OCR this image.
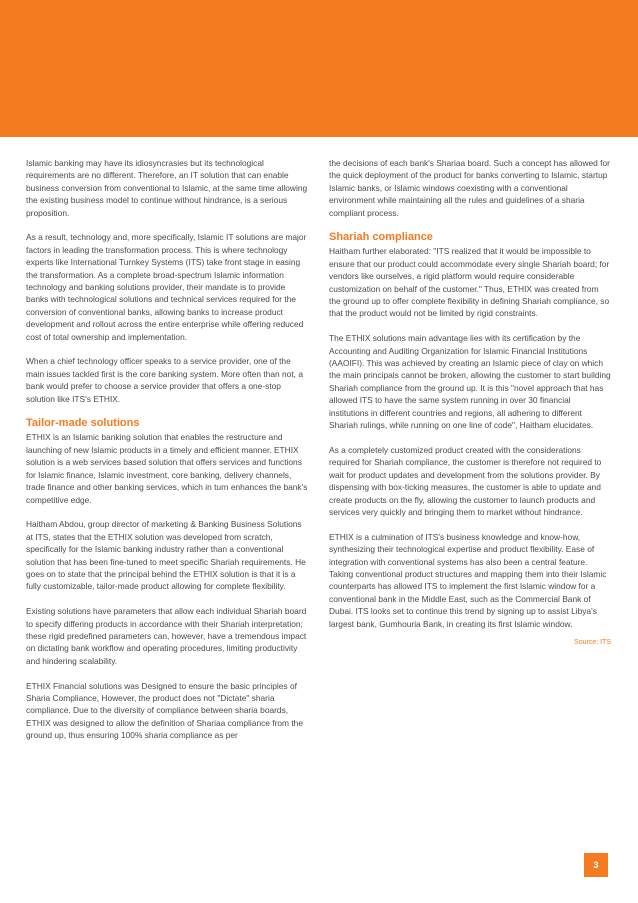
Islamic banking may have its idiosyncrasies but its technological requirements are no different. Therefore, an IT solution that can enable business conversion from conventional to Islamic, at the same time allowing the existing business model to continue without hindrance, is a serious proposition.

As a result, technology and, more specifically, Islamic IT solutions are major factors in leading the transformation process. This is where technology experts like International Turnkey Systems (ITS) take front stage in easing the transformation. As a complete broad-spectrum Islamic information technology and banking solutions provider, their mandate is to provide banks with technological solutions and technical services required for the conversion of conventional banks, allowing banks to increase product development and rollout across the entire enterprise while offering reduced cost of total ownership and implementation.

When a chief technology officer speaks to a service provider, one of the main issues tackled first is the core banking system. More often than not, a bank would prefer to choose a service provider that offers a one-stop solution like ITS's ETHIX.

Tailor-made solutions

ETHIX is an Islamic banking solution that enables the restructure and launching of new Islamic products in a timely and efficient manner. ETHIX solution is a web services based solution that offers services and functions for Islamic finance, Islamic investment, core banking, delivery channels, trade finance and other banking services, which in turn enhances the bank's competitive edge.

Haitham Abdou, group director of marketing & Banking Business Solutions at ITS, states that the ETHIX solution was developed from scratch, specifically for the Islamic banking industry rather than a conventional solution that has been fine-tuned to meet specific Shariah requirements. He goes on to state that the principal behind the ETHIX solution is that it is a fully customizable, tailor-made product allowing for complete flexibility.

Existing solutions have parameters that allow each individual Shariah board to specify differing products in accordance with their Shariah interpretation; these rigid predefined parameters can, however, have a tremendous impact on dictating bank workflow and operating procedures, limiting productivity and hindering scalability.

ETHIX Financial solutions was Designed to ensure the basic principles of Sharia Compliance, However, the product does not "Dictate" sharia compliance. Due to the diversity of compliance between sharia boards, ETHIX was designed to allow the definition of Shariaa compliance from the ground up, thus ensuring 100% sharia compliance as per

the decisions of each bank's Shariaa board. Such a concept has allowed for the quick deployment of the product for banks converting to Islamic, startup Islamic banks, or Islamic windows coexisting with a conventional environment while maintaining all the rules and guidelines of a sharia compliant process.

Shariah compliance

Haitham further elaborated: "ITS realized that it would be impossible to ensure that our product could accommodate every single Shariah board; for vendors like ourselves, a rigid platform would require considerable customization on behalf of the customer." Thus, ETHIX was created from the ground up to offer complete flexibility in defining Shariah compliance, so that the product would not be limited by rigid constraints.

The ETHIX solutions main advantage lies with its certification by the Accounting and Auditing Organization for Islamic Financial Institutions (AAOIFI). This was achieved by creating an Islamic piece of clay on which the main principals cannot be broken, allowing the customer to start building Shariah compliance from the ground up. It is this "novel approach that has allowed ITS to have the same system running in over 30 financial institutions in different countries and regions, all adhering to different Shariah rulings, while running on one line of code", Haitham elucidates.

As a completely customized product created with the considerations required for Shariah compliance, the customer is therefore not required to wait for product updates and development from the solutions provider. By dispensing with box-ticking measures, the customer is able to update and create products on the fly, allowing the customer to launch products and services very quickly and bringing them to market without hindrance.

ETHIX is a culmination of ITS's business knowledge and know-how, synthesizing their technological expertise and product flexibility. Ease of integration with conventional systems has also been a central feature. Taking conventional product structures and mapping them into their Islamic counterparts has allowed ITS to implement the first Islamic window for a conventional bank in the Middle East, such as the Commercial Bank of Dubai. ITS looks set to continue this trend by signing up to assist Libya's largest bank, Gumhouria Bank, in creating its first Islamic window.

Source: ITS
3
